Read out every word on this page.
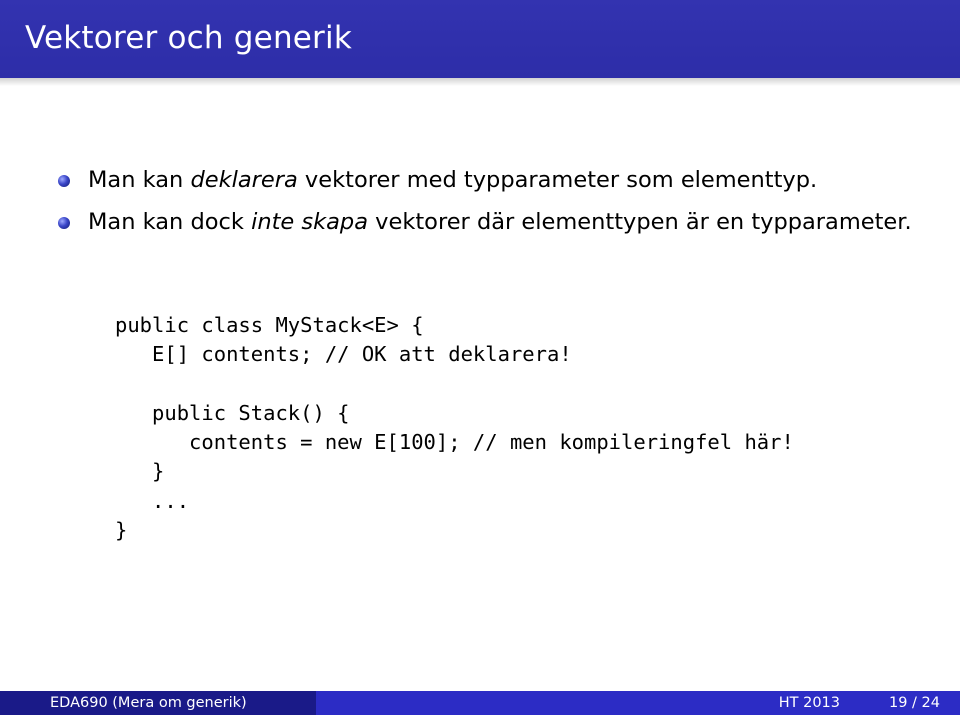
Vektorer och generik
Man kan deklarera vektorer med typparameter som elementtyp.
Man kan dock inte skapa vektorer där elementtypen är en typparameter.
public class MyStack<E> {
E[] contents; // OK att deklarera!

public Stack() {
contents = new E[100]; // men kompileringfel här!
}
...
}
EDA690 (Mera om generik)	HT 2013	19 / 24
